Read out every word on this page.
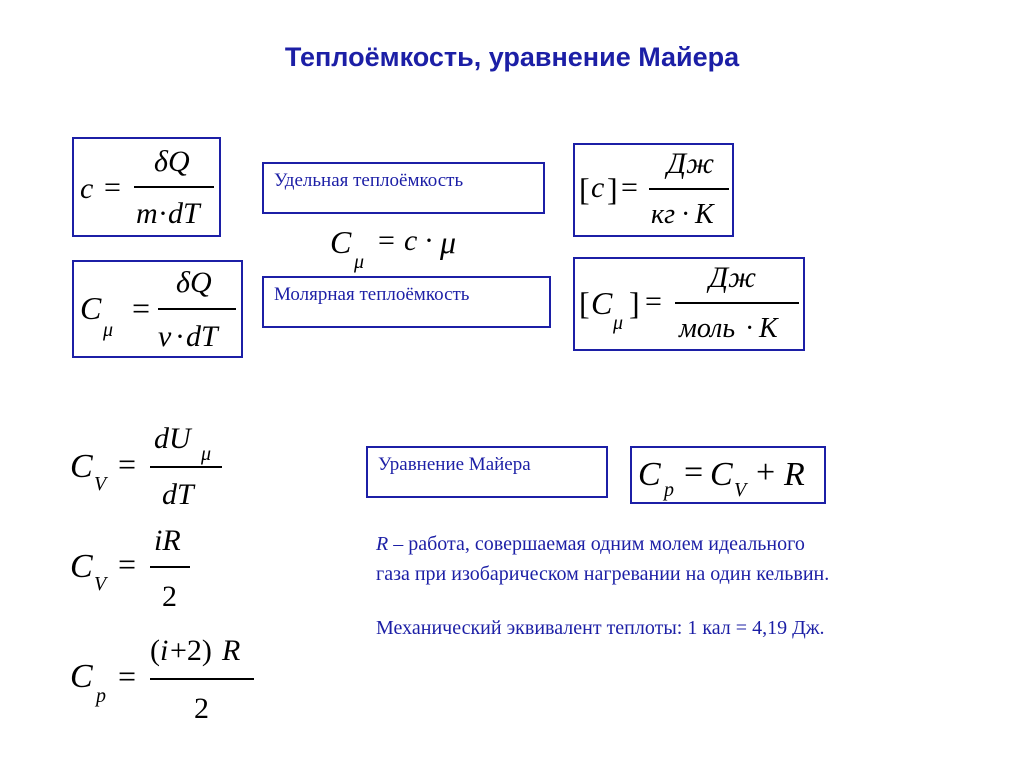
Теплоёмкость, уравнение Майера
c =
δQ
m · dT
C
μ
=
δQ
ν · dT
Удельная теплоёмкость
C
μ
= c · μ
Молярная теплоёмкость
[ c ] =
Дж
кг · К
[ C
μ
] =
Дж
моль · К
C V
=
dU μ
dT
C V
=
iR
2
C
p
=
( i +2) R
2
Уравнение Майера	C p = C V + R
R – работа, совершаемая одним молем идеального
газа при изобарическом нагревании на один кельвин.
Механический эквивалент теплоты: 1 кал = 4,19 Дж.
